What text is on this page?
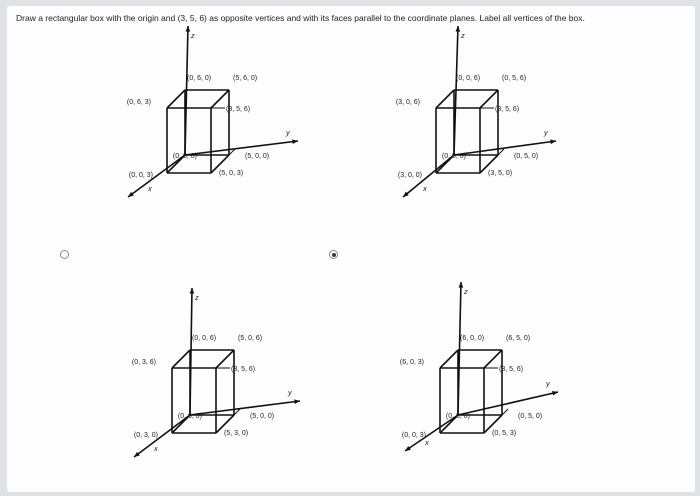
Draw a rectangular box with the origin and (3, 5, 6) as opposite vertices and with its faces parallel to the coordinate planes. Label all vertices of the box.
z
y
x
(0, 6, 0)	(5, 6, 0)
(0, 6, 3)
(3, 5, 6)
(0, 0, 0)	(5, 0, 0)
(0, 0, 3)	(5, 0, 3)
z
y
x
(0, 0, 6)	(0, 5, 6)
(3, 0, 6)
(3, 5, 6)
(0, 0, 0)	(0, 5, 0)
(3, 0, 0)	(3, 5, 0)
z
y
x
(0, 0, 6)	(5, 0, 6)
(0, 3, 6)
(3, 5, 6)
(0, 0, 0)	(5, 0, 0)
(0, 3, 0)	(5, 3, 0)
z
y
x
(6, 0, 0)	(6, 5, 0)
(6, 0, 3)
(3, 5, 6)
(0, 0, 0)	(0, 5, 0)
(0, 0, 3)	(0, 5, 3)
